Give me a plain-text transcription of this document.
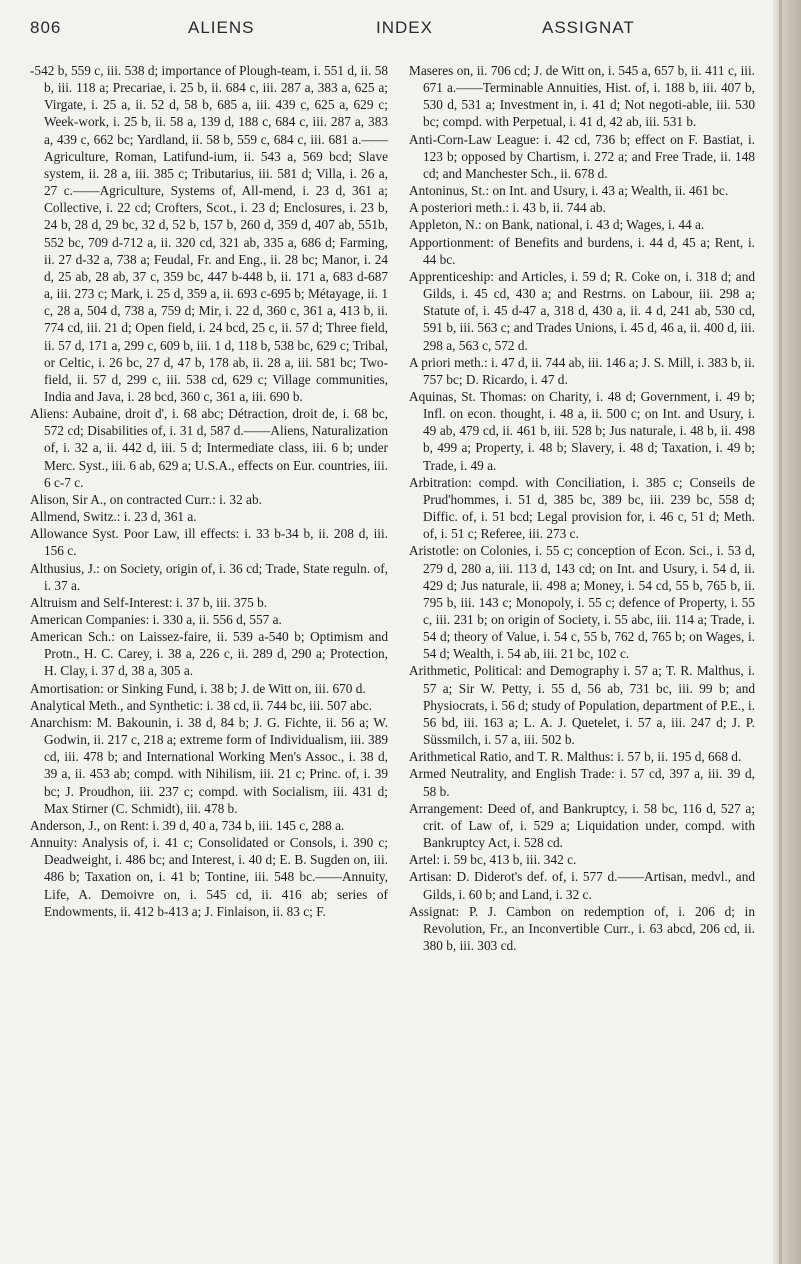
806	ALIENS	INDEX	ASSIGNAT

-542 b, 559 c, iii. 538 d; importance of Plough-team, i. 551 d, ii. 58 b, iii. 118 a; Precariae, i. 25 b, ii. 684 c, iii. 287 a, 383 a, 625 a; Virgate, i. 25 a, ii. 52 d, 58 b, 685 a, iii. 439 c, 625 a, 629 c; Week-work, i. 25 b, ii. 58 a, 139 d, 188 c, 684 c, iii. 287 a, 383 a, 439 c, 662 bc; Yardland, ii. 58 b, 559 c, 684 c, iii. 681 a.——Agriculture, Roman, Latifund-ium, ii. 543 a, 569 bcd; Slave system, ii. 28 a, iii. 385 c; Tributarius, iii. 581 d; Villa, i. 26 a, 27 c.——Agriculture, Systems of, All-mend, i. 23 d, 361 a; Collective, i. 22 cd; Crofters, Scot., i. 23 d; Enclosures, i. 23 b, 24 b, 28 d, 29 bc, 32 d, 52 b, 157 b, 260 d, 359 d, 407 ab, 551b, 552 bc, 709 d-712 a, ii. 320 cd, 321 ab, 335 a, 686 d; Farming, ii. 27 d-32 a, 738 a; Feudal, Fr. and Eng., ii. 28 bc; Manor, i. 24 d, 25 ab, 28 ab, 37 c, 359 bc, 447 b-448 b, ii. 171 a, 683 d-687 a, iii. 273 c; Mark, i. 25 d, 359 a, ii. 693 c-695 b; Métayage, ii. 1 c, 28 a, 504 d, 738 a, 759 d; Mir, i. 22 d, 360 c, 361 a, 413 b, ii. 774 cd, iii. 21 d; Open field, i. 24 bcd, 25 c, ii. 57 d; Three field, ii. 57 d, 171 a, 299 c, 609 b, iii. 1 d, 118 b, 538 bc, 629 c; Tribal, or Celtic, i. 26 bc, 27 d, 47 b, 178 ab, ii. 28 a, iii. 581 bc; Two-field, ii. 57 d, 299 c, iii. 538 cd, 629 c; Village communities, India and Java, i. 28 bcd, 360 c, 361 a, iii. 690 b.

Aliens: Aubaine, droit d', i. 68 abc; Détraction, droit de, i. 68 bc, 572 cd; Disabilities of, i. 31 d, 587 d.——Aliens, Naturalization of, i. 32 a, ii. 442 d, iii. 5 d; Intermediate class, iii. 6 b; under Merc. Syst., iii. 6 ab, 629 a; U.S.A., effects on Eur. countries, iii. 6 c-7 c.

Alison, Sir A., on contracted Curr.: i. 32 ab.

Allmend, Switz.: i. 23 d, 361 a.

Allowance Syst. Poor Law, ill effects: i. 33 b-34 b, ii. 208 d, iii. 156 c.

Althusius, J.: on Society, origin of, i. 36 cd; Trade, State reguln. of, i. 37 a.

Altruism and Self-Interest: i. 37 b, iii. 375 b.

American Companies: i. 330 a, ii. 556 d, 557 a.

American Sch.: on Laissez-faire, ii. 539 a-540 b; Optimism and Protn., H. C. Carey, i. 38 a, 226 c, ii. 289 d, 290 a; Protection, H. Clay, i. 37 d, 38 a, 305 a.

Amortisation: or Sinking Fund, i. 38 b; J. de Witt on, iii. 670 d.

Analytical Meth., and Synthetic: i. 38 cd, ii. 744 bc, iii. 507 abc.

Anarchism: M. Bakounin, i. 38 d, 84 b; J. G. Fichte, ii. 56 a; W. Godwin, ii. 217 c, 218 a; extreme form of Individualism, iii. 389 cd, iii. 478 b; and International Working Men's Assoc., i. 38 d, 39 a, ii. 453 ab; compd. with Nihilism, iii. 21 c; Princ. of, i. 39 bc; J. Proudhon, iii. 237 c; compd. with Socialism, iii. 431 d; Max Stirner (C. Schmidt), iii. 478 b.

Anderson, J., on Rent: i. 39 d, 40 a, 734 b, iii. 145 c, 288 a.

Annuity: Analysis of, i. 41 c; Consolidated or Consols, i. 390 c; Deadweight, i. 486 bc; and Interest, i. 40 d; E. B. Sugden on, iii. 486 b; Taxation on, i. 41 b; Tontine, iii. 548 bc.——Annuity, Life, A. Demoivre on, i. 545 cd, ii. 416 ab; series of Endowments, ii. 412 b-413 a; J. Finlaison, ii. 83 c; F.

Maseres on, ii. 706 cd; J. de Witt on, i. 545 a, 657 b, ii. 411 c, iii. 671 a.——Terminable Annuities, Hist. of, i. 188 b, iii. 407 b, 530 d, 531 a; Investment in, i. 41 d; Not negoti-able, iii. 530 bc; compd. with Perpetual, i. 41 d, 42 ab, iii. 531 b.

Anti-Corn-Law League: i. 42 cd, 736 b; effect on F. Bastiat, i. 123 b; opposed by Chartism, i. 272 a; and Free Trade, ii. 148 cd; and Manchester Sch., ii. 678 d.

Antoninus, St.: on Int. and Usury, i. 43 a; Wealth, ii. 461 bc.

A posteriori meth.: i. 43 b, ii. 744 ab.

Appleton, N.: on Bank, national, i. 43 d; Wages, i. 44 a.

Apportionment: of Benefits and burdens, i. 44 d, 45 a; Rent, i. 44 bc.

Apprenticeship: and Articles, i. 59 d; R. Coke on, i. 318 d; and Gilds, i. 45 cd, 430 a; and Restrns. on Labour, iii. 298 a; Statute of, i. 45 d-47 a, 318 d, 430 a, ii. 4 d, 241 ab, 530 cd, 591 b, iii. 563 c; and Trades Unions, i. 45 d, 46 a, ii. 400 d, iii. 298 a, 563 c, 572 d.

A priori meth.: i. 47 d, ii. 744 ab, iii. 146 a; J. S. Mill, i. 383 b, ii. 757 bc; D. Ricardo, i. 47 d.

Aquinas, St. Thomas: on Charity, i. 48 d; Government, i. 49 b; Infl. on econ. thought, i. 48 a, ii. 500 c; on Int. and Usury, i. 49 ab, 479 cd, ii. 461 b, iii. 528 b; Jus naturale, i. 48 b, ii. 498 b, 499 a; Property, i. 48 b; Slavery, i. 48 d; Taxation, i. 49 b; Trade, i. 49 a.

Arbitration: compd. with Conciliation, i. 385 c; Conseils de Prud'hommes, i. 51 d, 385 bc, 389 bc, iii. 239 bc, 558 d; Diffic. of, i. 51 bcd; Legal provision for, i. 46 c, 51 d; Meth. of, i. 51 c; Referee, iii. 273 c.

Aristotle: on Colonies, i. 55 c; conception of Econ. Sci., i. 53 d, 279 d, 280 a, iii. 113 d, 143 cd; on Int. and Usury, i. 54 d, ii. 429 d; Jus naturale, ii. 498 a; Money, i. 54 cd, 55 b, 765 b, ii. 795 b, iii. 143 c; Monopoly, i. 55 c; defence of Property, i. 55 c, iii. 231 b; on origin of Society, i. 55 abc, iii. 114 a; Trade, i. 54 d; theory of Value, i. 54 c, 55 b, 762 d, 765 b; on Wages, i. 54 d; Wealth, i. 54 ab, iii. 21 bc, 102 c.

Arithmetic, Political: and Demography i. 57 a; T. R. Malthus, i. 57 a; Sir W. Petty, i. 55 d, 56 ab, 731 bc, iii. 99 b; and Physiocrats, i. 56 d; study of Population, department of P.E., i. 56 bd, iii. 163 a; L. A. J. Quetelet, i. 57 a, iii. 247 d; J. P. Süssmilch, i. 57 a, iii. 502 b.

Arithmetical Ratio, and T. R. Malthus: i. 57 b, ii. 195 d, 668 d.

Armed Neutrality, and English Trade: i. 57 cd, 397 a, iii. 39 d, 58 b.

Arrangement: Deed of, and Bankruptcy, i. 58 bc, 116 d, 527 a; crit. of Law of, i. 529 a; Liquidation under, compd. with Bankruptcy Act, i. 528 cd.

Artel: i. 59 bc, 413 b, iii. 342 c.

Artisan: D. Diderot's def. of, i. 577 d.——Artisan, medvl., and Gilds, i. 60 b; and Land, i. 32 c.

Assignat: P. J. Cambon on redemption of, i. 206 d; in Revolution, Fr., an Inconvertible Curr., i. 63 abcd, 206 cd, ii. 380 b, iii. 303 cd.
